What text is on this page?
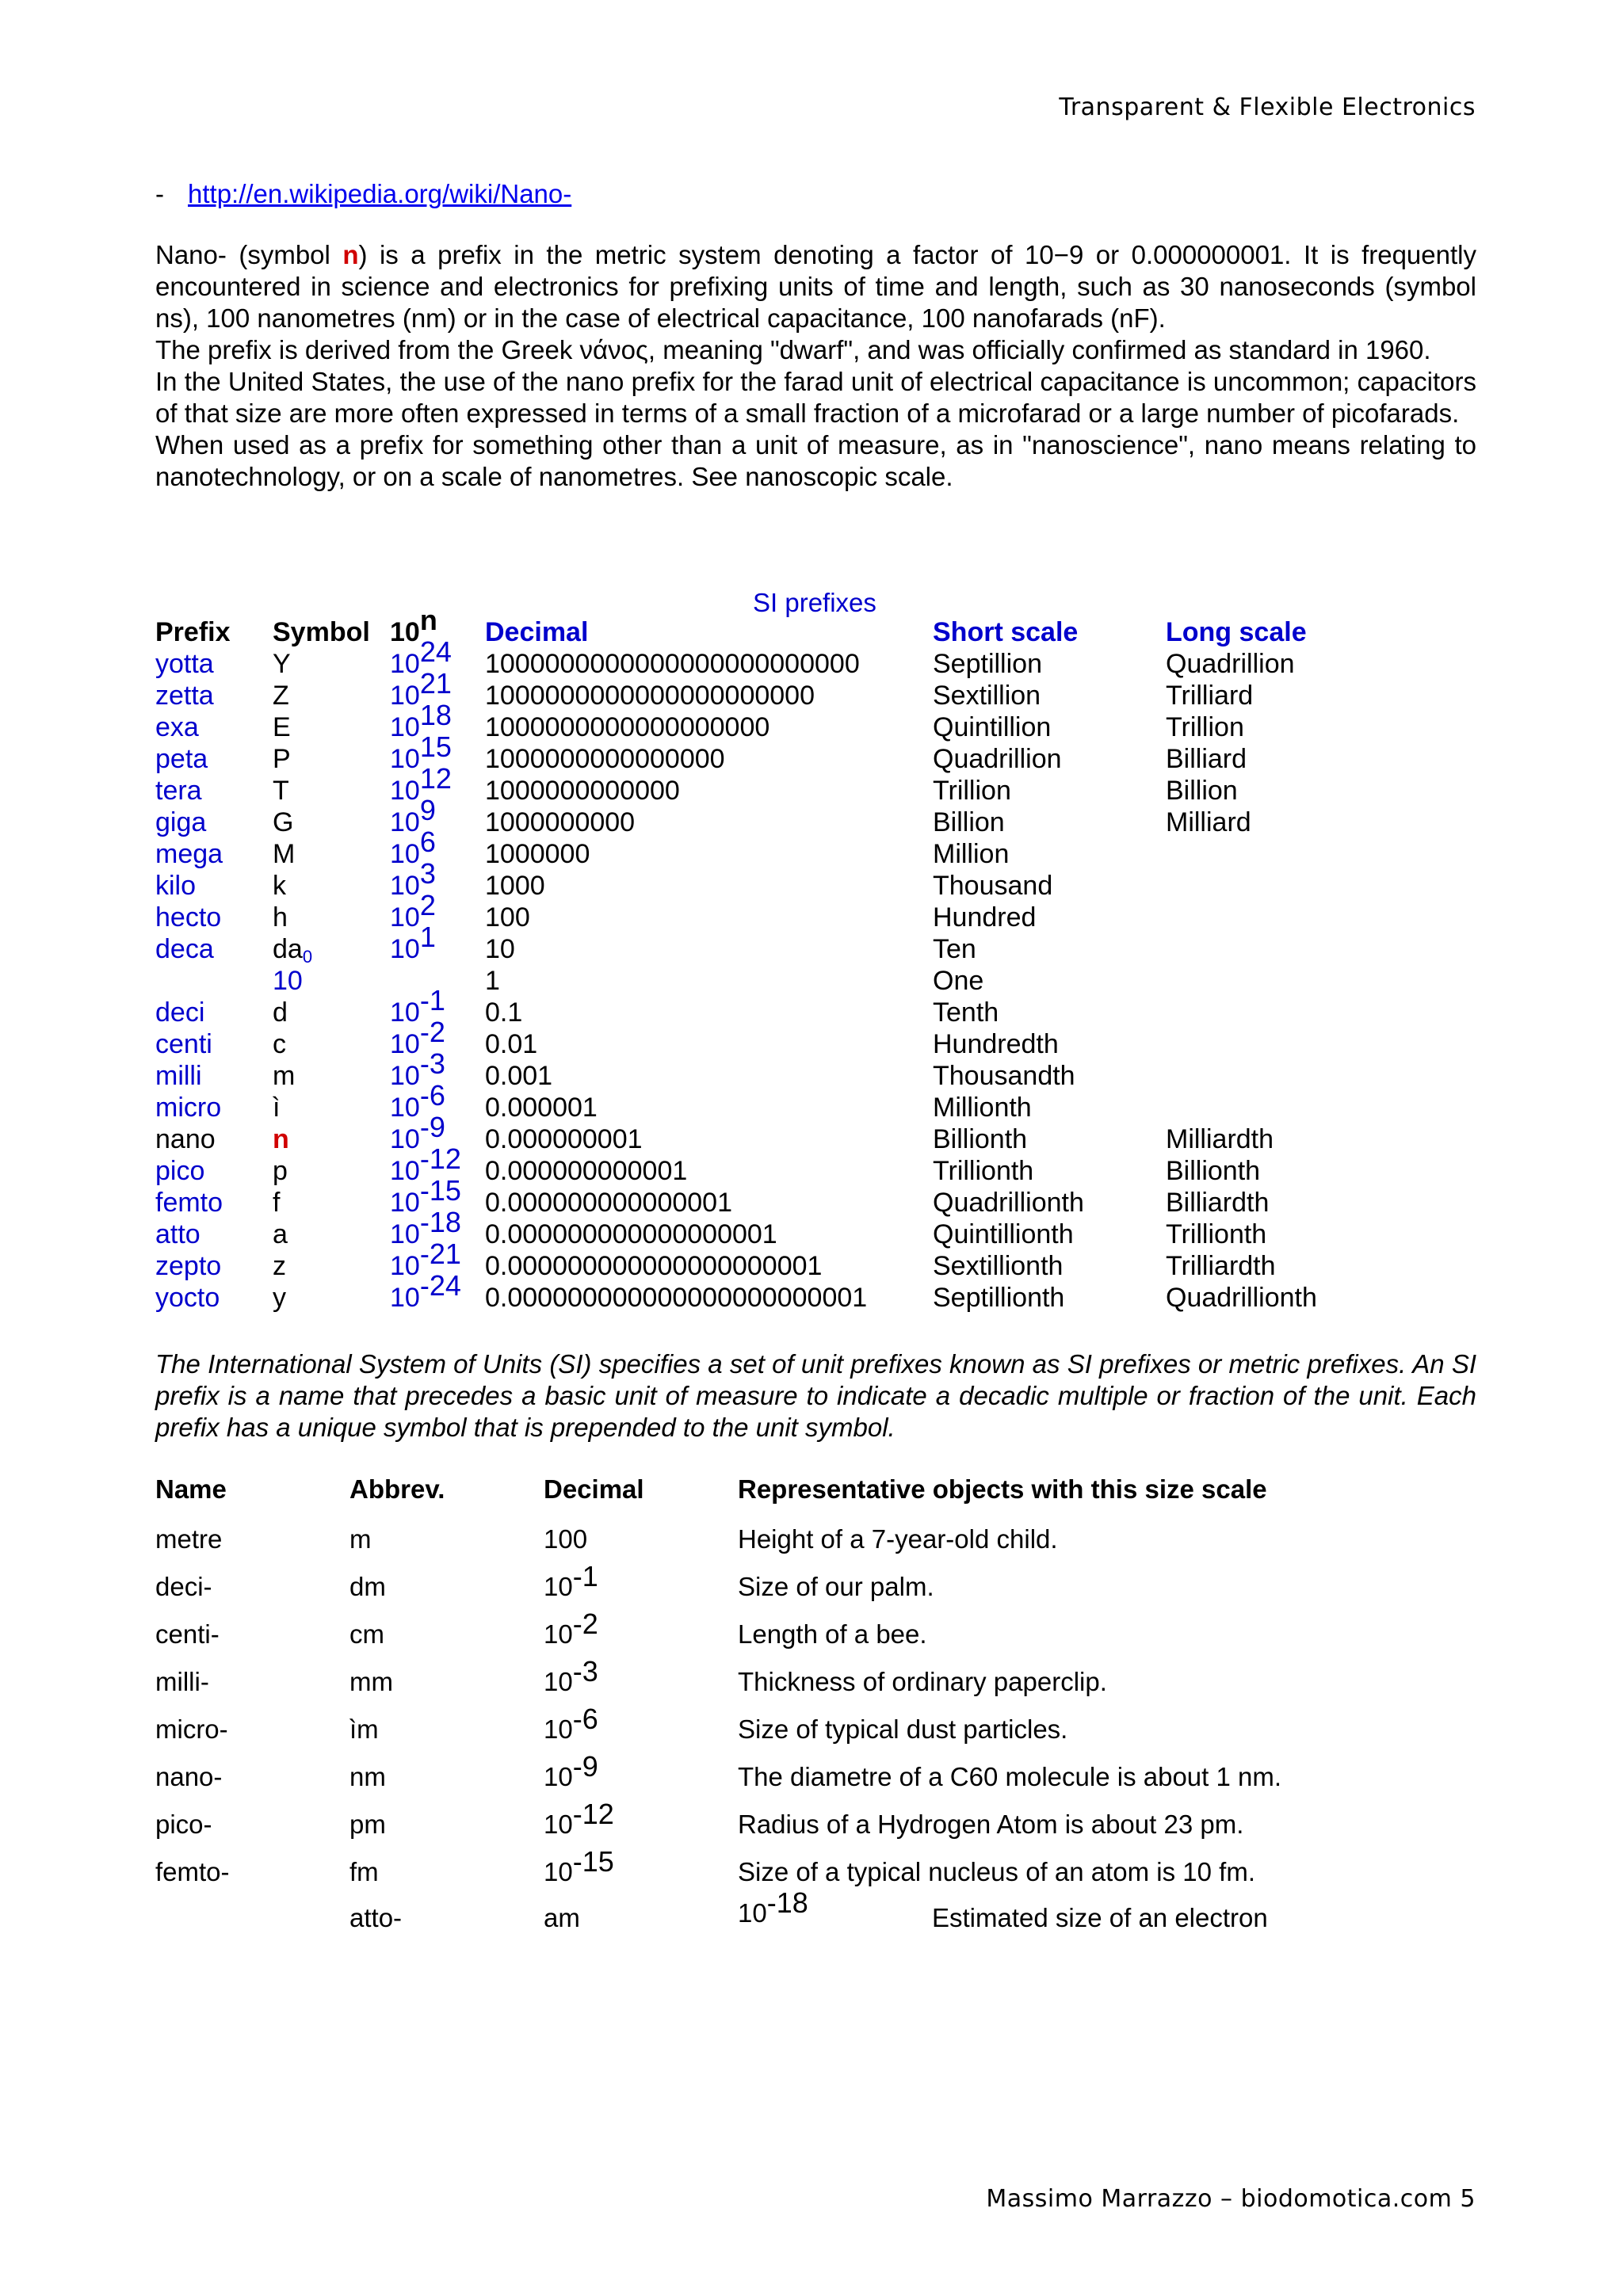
Transparent & Flexible Electronics
- http://en.wikipedia.org/wiki/Nano-

Nano- (symbol n) is a prefix in the metric system denoting a factor of 10−9 or 0.000000001. It is frequently encountered in science and electronics for prefixing units of time and length, such as 30 nanoseconds (symbol ns), 100 nanometres (nm) or in the case of electrical capacitance, 100 nanofarads (nF).

The prefix is derived from the Greek νάνος, meaning "dwarf", and was officially confirmed as standard in 1960.

In the United States, the use of the nano prefix for the farad unit of electrical capacitance is uncommon; capacitors of that size are more often expressed in terms of a small fraction of a microfarad or a large number of picofarads.

When used as a prefix for something other than a unit of measure, as in "nanoscience", nano means relating to nanotechnology, or on a scale of nanometres. See nanoscopic scale.

SI prefixes
Prefix	Symbol	10$^n$	Decimal	Short scale	Long scale
yotta	Y	$10^{24}$	1000000000000000000000000	Septillion	Quadrillion
zetta	Z	$10^{21}$	1000000000000000000000	Sextillion	Trilliard
exa	E	$10^{18}$	1000000000000000000	Quintillion	Trillion
peta	P	$10^{15}$	1000000000000000	Quadrillion	Billiard
tera	T	$10^{12}$	1000000000000	Trillion	Billion
giga	G	$10^9$	1000000000	Billion	Milliard
mega	M	$10^6$	1000000	Million	
kilo	k	$10^3$	1000	Thousand	
hecto	h	$10^2$	100	Hundred	
deca	$da_0$	$10^1$	10	Ten	
	10		1	One	
deci	d	$10^{-1}$	0.1	Tenth	
centi	c	$10^{-2}$	0.01	Hundredth	
milli	m	$10^{-3}$	0.001	Thousandth	
micro	ì	$10^{-6}$	0.000001	Millionth	
nano	n	$10^{-9}$	0.000000001	Billionth	Milliardth
pico	p	$10^{-12}$	0.000000000001	Trillionth	Billionth
femto	f	$10^{-15}$	0.000000000000001	Quadrillionth	Billiardth
atto	a	$10^{-18}$	0.000000000000000001	Quintillionth	Trillionth
zepto	z	$10^{-21}$	0.000000000000000000001	Sextillionth	Trilliardth
yocto	y	$10^{-24}$	0.000000000000000000000001	Septillionth	Quadrillionth

The International System of Units (SI) specifies a set of unit prefixes known as SI prefixes or metric prefixes. An SI prefix is a name that precedes a basic unit of measure to indicate a decadic multiple or fraction of the unit. Each prefix has a unique symbol that is prepended to the unit symbol.

Name	Abbrev.	Decimal	Representative objects with this size scale
metre	m	100	Height of a 7-year-old child.
deci-	dm	$10^{-1}$	Size of our palm.
centi-	cm	$10^{-2}$	Length of a bee.
milli-	mm	$10^{-3}$	Thickness of ordinary paperclip.
micro-	ìm	$10^{-6}$	Size of typical dust particles.
nano-	nm	$10^{-9}$	The diametre of a C60 molecule is about 1 nm.
pico-	pm	$10^{-12}$	Radius of a Hydrogen Atom is about 23 pm.
femto-	fm	$10^{-15}$	Size of a typical nucleus of an atom is 10 fm.
atto-	am	$10^{-18}$	Estimated size of an electron
Massimo Marrazzo – biodomotica.com 5
